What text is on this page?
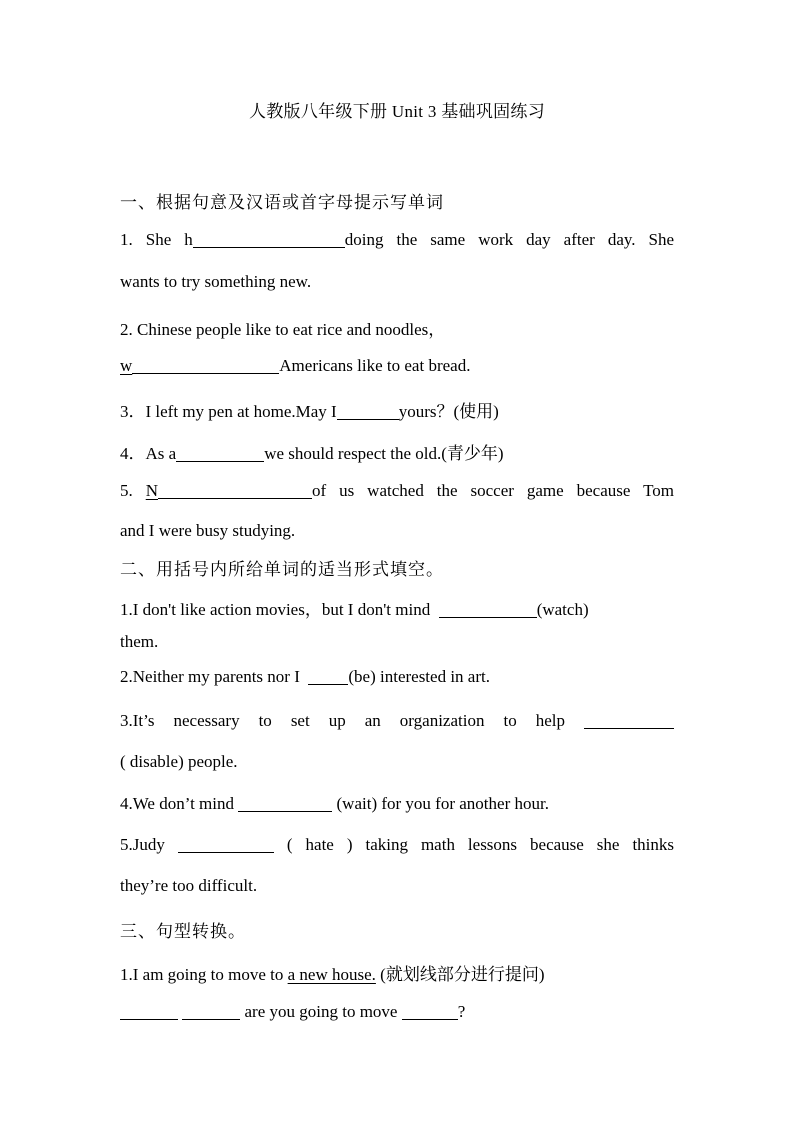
人教版八年级下册 Unit 3 基础巩固练习
一、根据句意及汉语或首字母提示写单词
1. She h	doing the same work day after day. She
wants to try something new.
2. Chinese people like to eat rice and noodles，
w	Americans like to eat bread.
3．I left my pen at home.May I	yours？(使用)
4．As a	we should respect the old.(青少年)
5. N	of us watched the soccer game because Tom
and I were busy studying.
二、用括号内所给单词的适当形式填空。
1.I don't like action movies，but I don't mind	(watch)
them.
2.Neither my parents nor I	(be) interested in art.
3.It’s necessary to set up an organization to help
( disable) people.
4.We don’t mind	(wait) for you for another hour.
5.Judy	( hate ) taking math lessons because she thinks
they’re too difficult.
三、句型转换。
1.I am going to move to a new house. (就划线部分进行提问)
are you going to move	?
